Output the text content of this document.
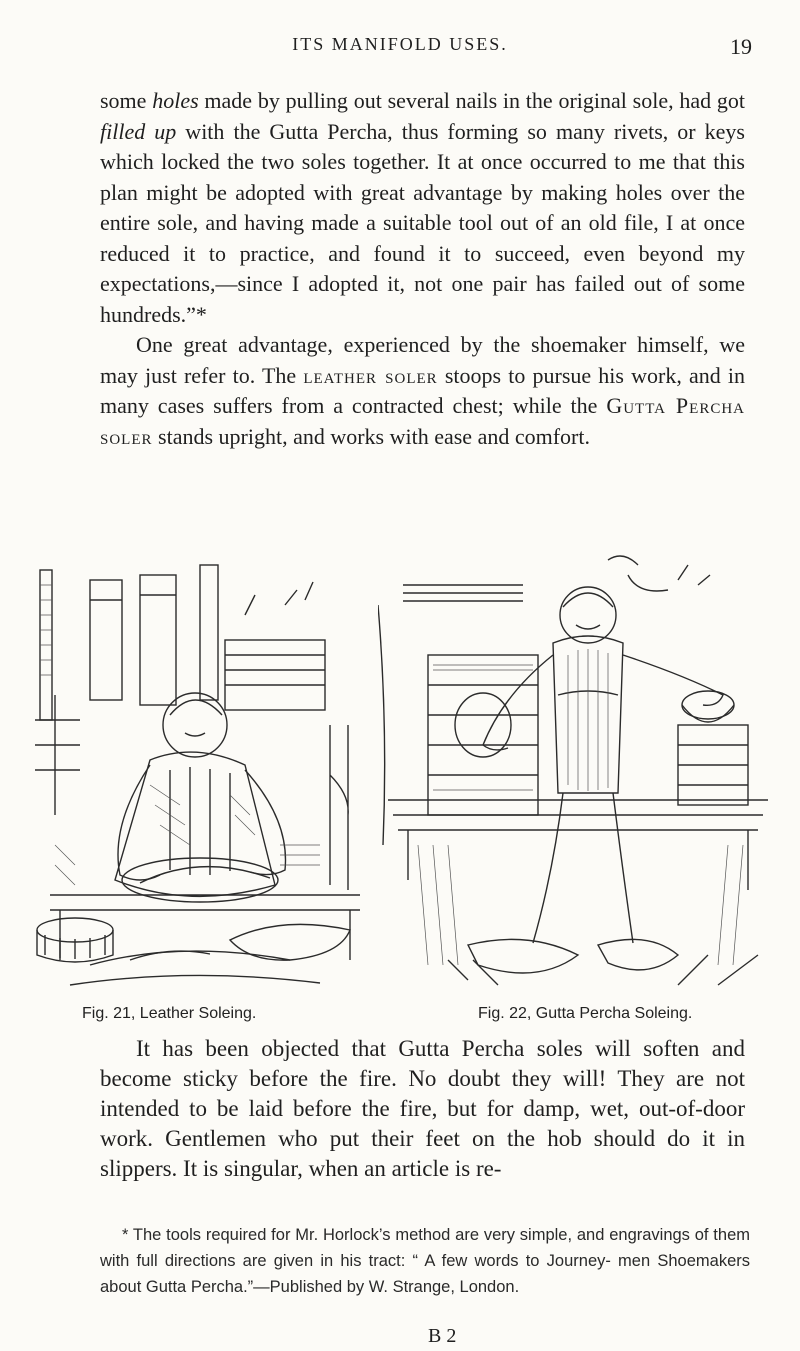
ITS MANIFOLD USES.	19

some holes made by pulling out several nails in the original sole, had got filled up with the Gutta Percha, thus forming so many rivets, or keys which locked the two soles together. It at once occurred to me that this plan might be adopted with great advantage by making holes over the entire sole, and having made a suitable tool out of an old file, I at once reduced it to practice, and found it to succeed, even beyond my expectations,—since I adopted it, not one pair has failed out of some hundreds.”*

One great advantage, experienced by the shoemaker himself, we may just refer to. The leather soler stoops to pursue his work, and in many cases suffers from a contracted chest; while the Gutta Percha soler stands upright, and works with ease and comfort.

Fig. 21, Leather Soleing.	Fig. 22, Gutta Percha Soleing.

It has been objected that Gutta Percha soles will soften and become sticky before the fire. No doubt they will! They are not intended to be laid before the fire, but for damp, wet, out-of-door work. Gentlemen who put their feet on the hob should do it in slippers. It is singular, when an article is re-

* The tools required for Mr. Horlock’s method are very simple, and engravings of them with full directions are given in his tract: “ A few words to Journey- men Shoemakers about Gutta Percha.”—Published by W. Strange, London.

B 2
